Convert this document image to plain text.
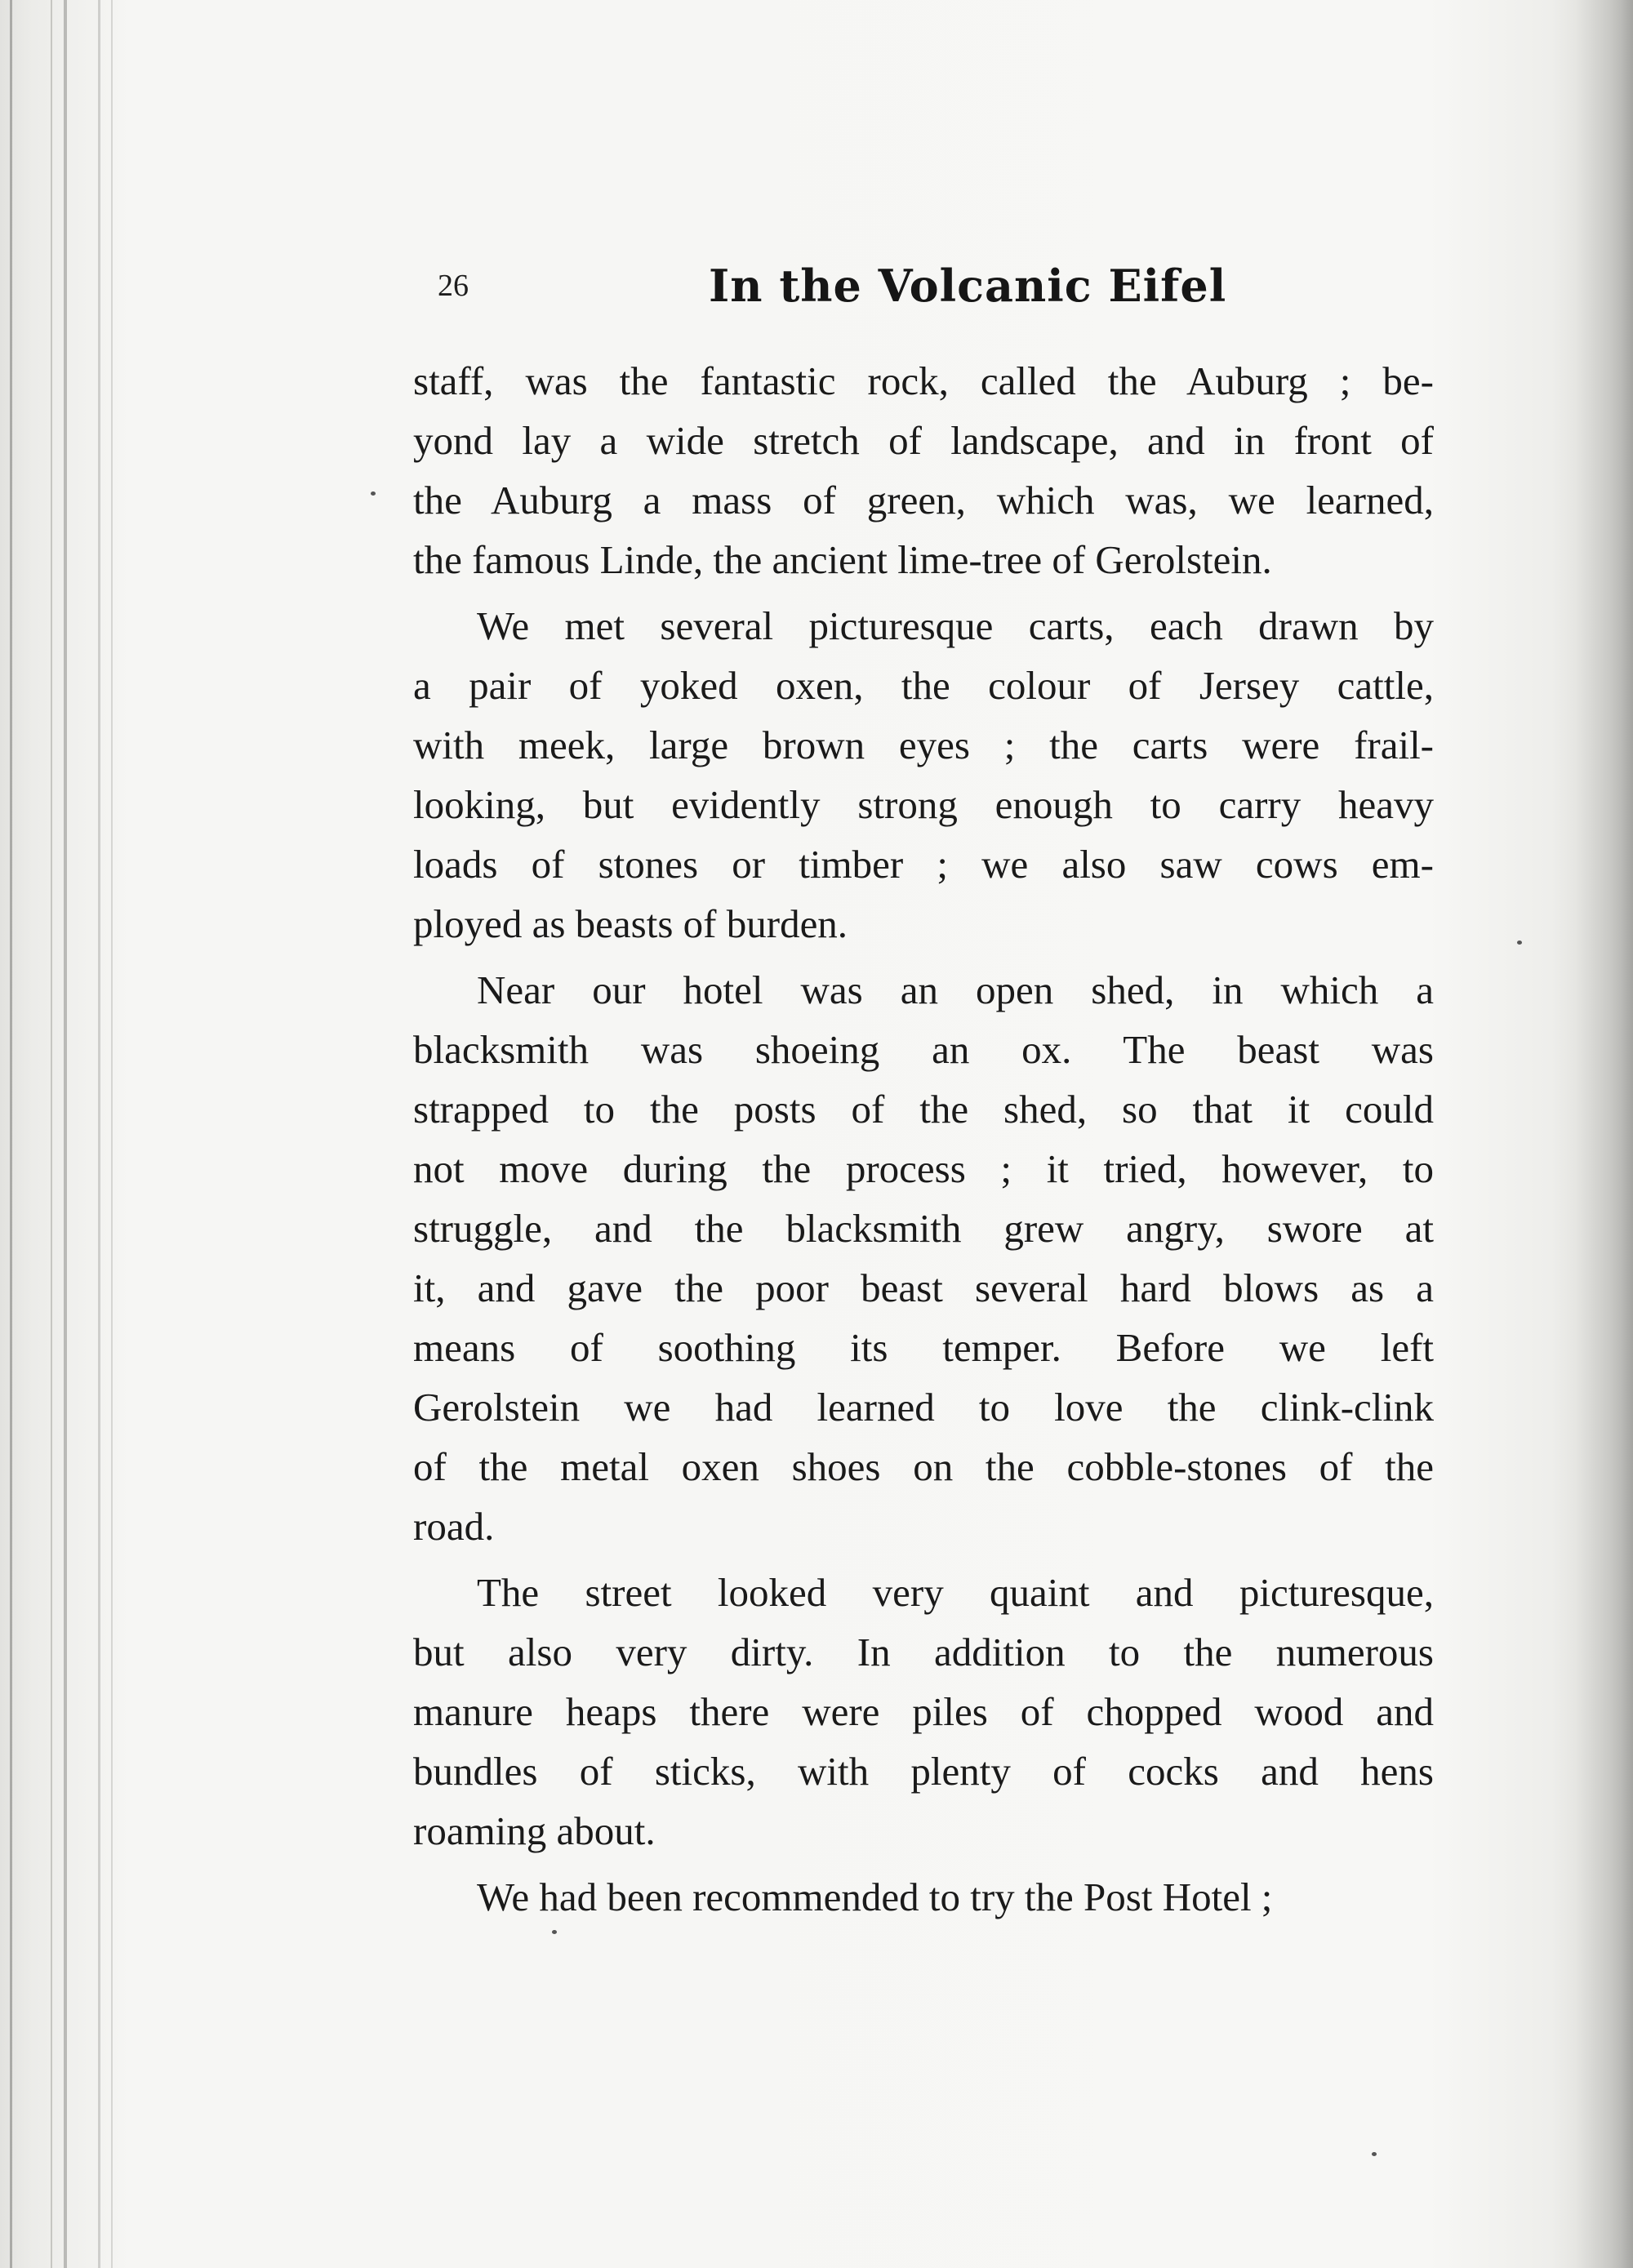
26	In the Volcanic Eifel
staff, was the fantastic rock, called the Auburg ; be-
yond lay a wide stretch of landscape, and in front of
the Auburg a mass of green, which was, we learned,
the famous Linde, the ancient lime-tree of Gerolstein.
We met several picturesque carts, each drawn by
a pair of yoked oxen, the colour of Jersey cattle,
with meek, large brown eyes ; the carts were frail-
looking, but evidently strong enough to carry heavy
loads of stones or timber ; we also saw cows em-
ployed as beasts of burden.
Near our hotel was an open shed, in which a
blacksmith was shoeing an ox. The beast was
strapped to the posts of the shed, so that it could
not move during the process ; it tried, however, to
struggle, and the blacksmith grew angry, swore at
it, and gave the poor beast several hard blows as a
means of soothing its temper. Before we left
Gerolstein we had learned to love the clink-clink
of the metal oxen shoes on the cobble-stones of the
road.
The street looked very quaint and picturesque,
but also very dirty. In addition to the numerous
manure heaps there were piles of chopped wood and
bundles of sticks, with plenty of cocks and hens
roaming about.
We had been recommended to try the Post Hotel ;
